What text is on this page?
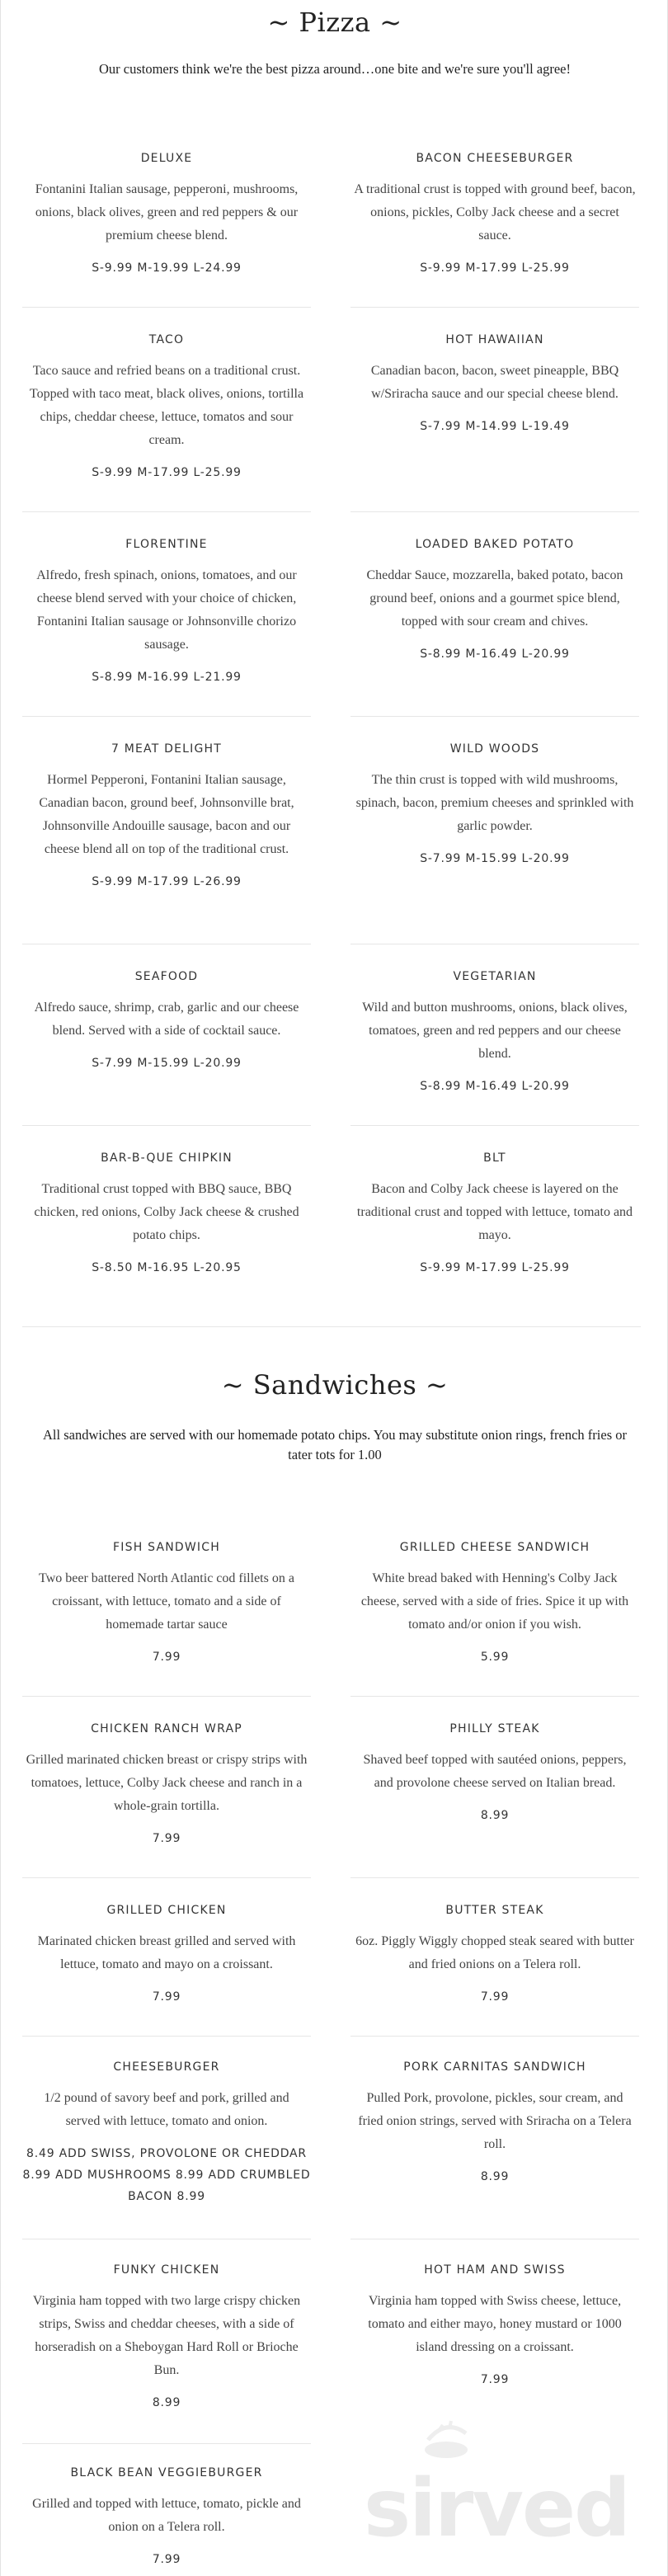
~ Pizza ~
Our customers think we're the best pizza around…one bite and we're sure you'll agree!
DELUXE
Fontanini Italian sausage, pepperoni, mushrooms, onions, black olives, green and red peppers & our premium cheese blend.
S-9.99 M-19.99 L-24.99
BACON CHEESEBURGER
A traditional crust is topped with ground beef, bacon, onions, pickles, Colby Jack cheese and a secret sauce.
S-9.99 M-17.99 L-25.99
TACO
Taco sauce and refried beans on a traditional crust. Topped with taco meat, black olives, onions, tortilla chips, cheddar cheese, lettuce, tomatos and sour cream.
S-9.99 M-17.99 L-25.99
HOT HAWAIIAN
Canadian bacon, bacon, sweet pineapple, BBQ w/Sriracha sauce and our special cheese blend.
S-7.99 M-14.99 L-19.49
FLORENTINE
Alfredo, fresh spinach, onions, tomatoes, and our cheese blend served with your choice of chicken, Fontanini Italian sausage or Johnsonville chorizo sausage.
S-8.99 M-16.99 L-21.99
LOADED BAKED POTATO
Cheddar Sauce, mozzarella, baked potato, bacon ground beef, onions and a gourmet spice blend, topped with sour cream and chives.
S-8.99 M-16.49 L-20.99
7 MEAT DELIGHT
Hormel Pepperoni, Fontanini Italian sausage, Canadian bacon, ground beef, Johnsonville brat, Johnsonville Andouille sausage, bacon and our cheese blend all on top of the traditional crust.
S-9.99 M-17.99 L-26.99
WILD WOODS
The thin crust is topped with wild mushrooms, spinach, bacon, premium cheeses and sprinkled with garlic powder.
S-7.99 M-15.99 L-20.99
SEAFOOD
Alfredo sauce, shrimp, crab, garlic and our cheese blend. Served with a side of cocktail sauce.
S-7.99 M-15.99 L-20.99
VEGETARIAN
Wild and button mushrooms, onions, black olives, tomatoes, green and red peppers and our cheese blend.
S-8.99 M-16.49 L-20.99
BAR-B-QUE CHIPKIN
Traditional crust topped with BBQ sauce, BBQ chicken, red onions, Colby Jack cheese & crushed potato chips.
S-8.50 M-16.95 L-20.95
BLT
Bacon and Colby Jack cheese is layered on the traditional crust and topped with lettuce, tomato and mayo.
S-9.99 M-17.99 L-25.99
~ Sandwiches ~
All sandwiches are served with our homemade potato chips. You may substitute onion rings, french fries or tater tots for 1.00
FISH SANDWICH
Two beer battered North Atlantic cod fillets on a croissant, with lettuce, tomato and a side of homemade tartar sauce
7.99
GRILLED CHEESE SANDWICH
White bread baked with Henning's Colby Jack cheese, served with a side of fries. Spice it up with tomato and/or onion if you wish.
5.99
CHICKEN RANCH WRAP
Grilled marinated chicken breast or crispy strips with tomatoes, lettuce, Colby Jack cheese and ranch in a whole-grain tortilla.
7.99
PHILLY STEAK
Shaved beef topped with sautéed onions, peppers, and provolone cheese served on Italian bread.
8.99
GRILLED CHICKEN
Marinated chicken breast grilled and served with lettuce, tomato and mayo on a croissant.
7.99
BUTTER STEAK
6oz. Piggly Wiggly chopped steak seared with butter and fried onions on a Telera roll.
7.99
CHEESEBURGER
1/2 pound of savory beef and pork, grilled and served with lettuce, tomato and onion.
8.49 ADD SWISS, PROVOLONE OR CHEDDAR 8.99 ADD MUSHROOMS 8.99 ADD CRUMBLED BACON 8.99
PORK CARNITAS SANDWICH
Pulled Pork, provolone, pickles, sour cream, and fried onion strings, served with Sriracha on a Telera roll.
8.99
FUNKY CHICKEN
Virginia ham topped with two large crispy chicken strips, Swiss and cheddar cheeses, with a side of horseradish on a Sheboygan Hard Roll or Brioche Bun.
8.99
HOT HAM AND SWISS
Virginia ham topped with Swiss cheese, lettuce, tomato and either mayo, honey mustard or 1000 island dressing on a croissant.
7.99
BLACK BEAN VEGGIEBURGER
Grilled and topped with lettuce, tomato, pickle and onion on a Telera roll.
7.99
sirved
